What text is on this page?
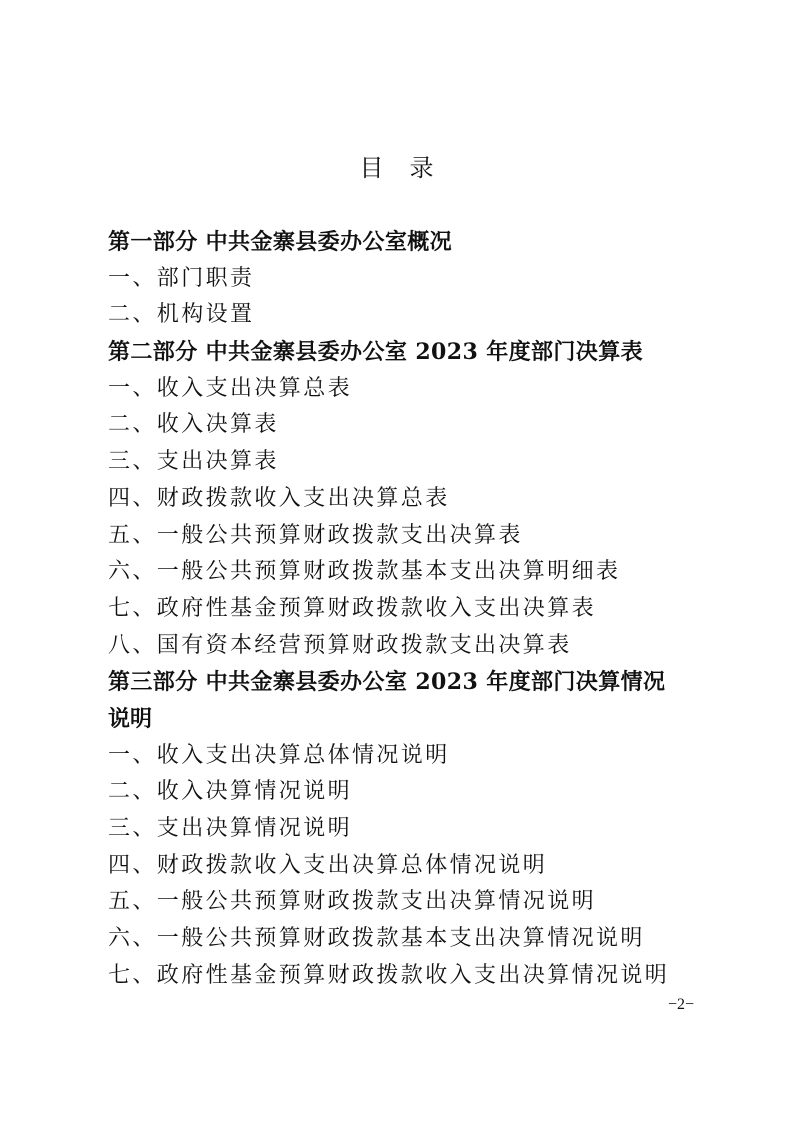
目录
第一部分 中共金寨县委办公室概况
一、部门职责
二、机构设置
第二部分 中共金寨县委办公室 2023 年度部门决算表
一、收入支出决算总表
二、收入决算表
三、支出决算表
四、财政拨款收入支出决算总表
五、一般公共预算财政拨款支出决算表
六、一般公共预算财政拨款基本支出决算明细表
七、政府性基金预算财政拨款收入支出决算表
八、国有资本经营预算财政拨款支出决算表
第三部分 中共金寨县委办公室 2023 年度部门决算情况
说明
一、收入支出决算总体情况说明
二、收入决算情况说明
三、支出决算情况说明
四、财政拨款收入支出决算总体情况说明
五、一般公共预算财政拨款支出决算情况说明
六、一般公共预算财政拨款基本支出决算情况说明
七、政府性基金预算财政拨款收入支出决算情况说明
−2−
